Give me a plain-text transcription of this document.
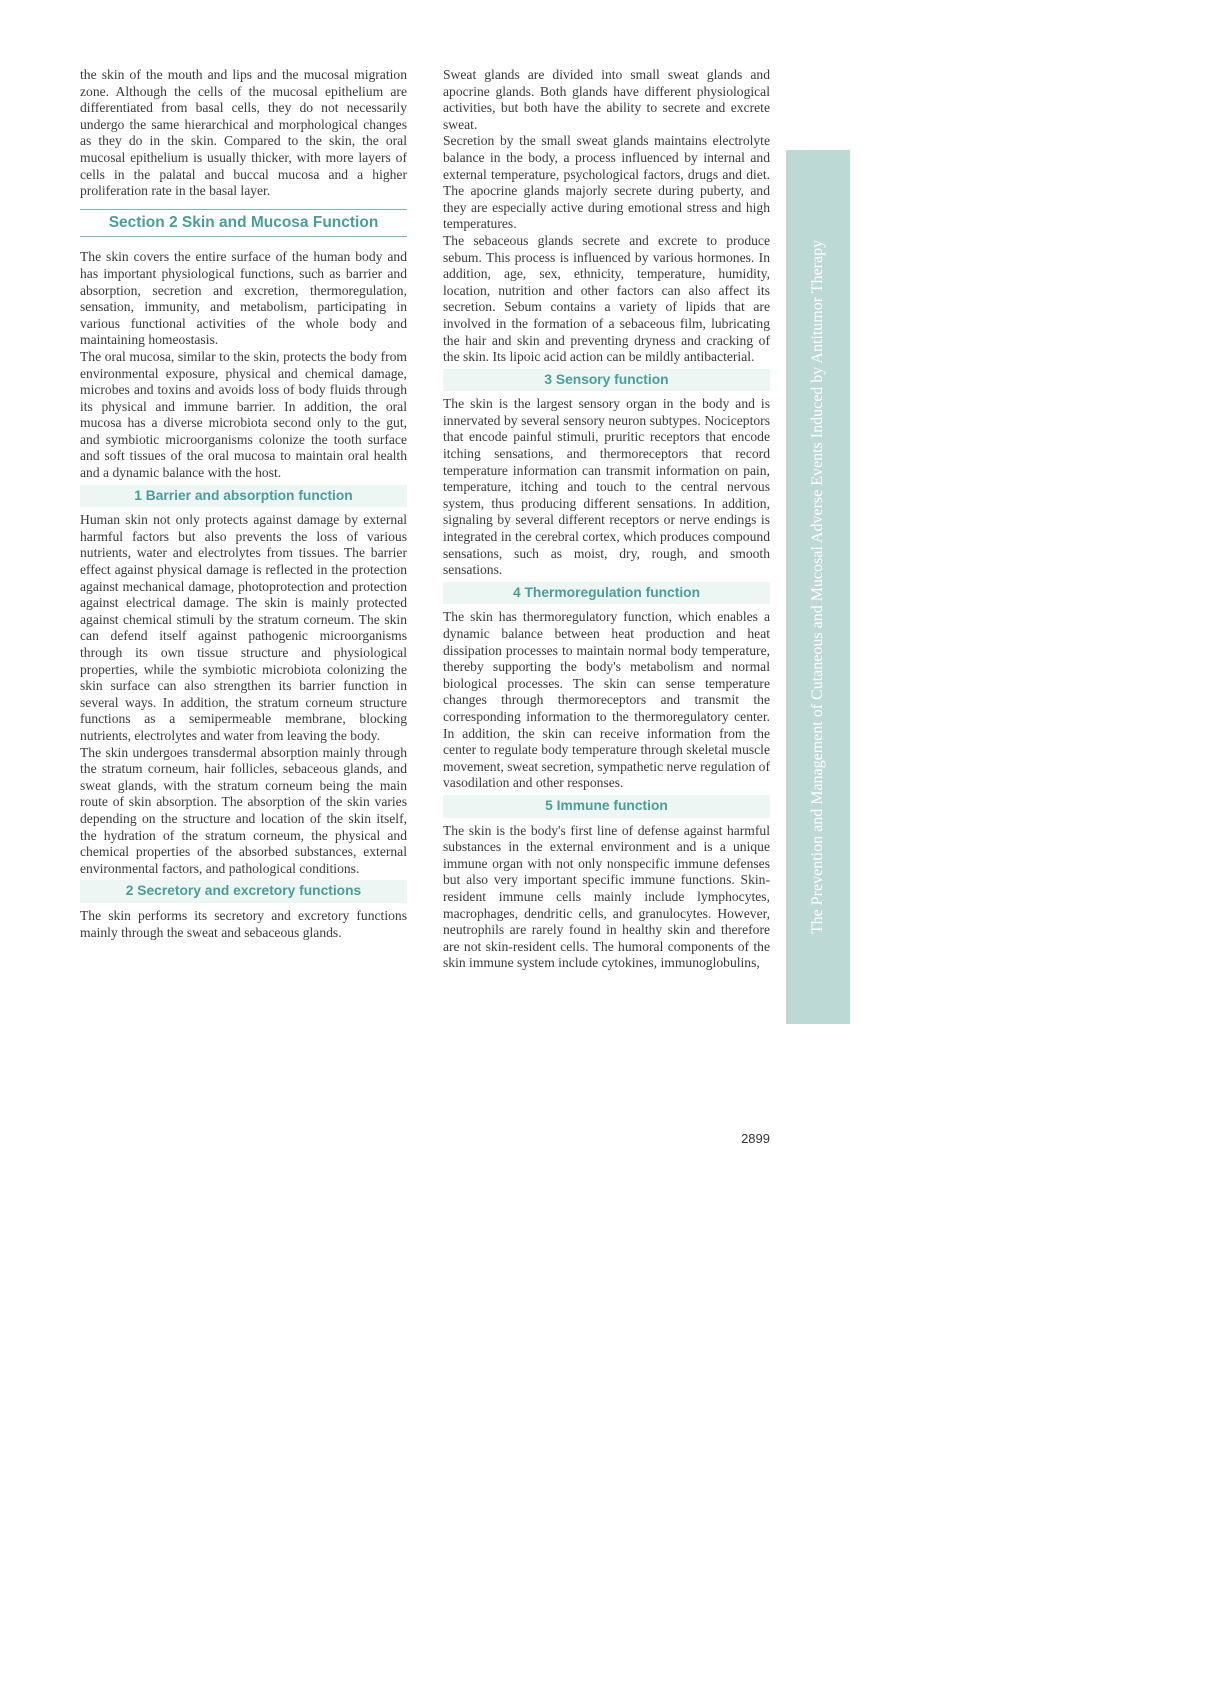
the skin of the mouth and lips and the mucosal migration zone. Although the cells of the mucosal epithelium are differentiated from basal cells, they do not necessarily undergo the same hierarchical and morphological changes as they do in the skin. Compared to the skin, the oral mucosal epithelium is usually thicker, with more layers of cells in the palatal and buccal mucosa and a higher proliferation rate in the basal layer.

Section 2 Skin and Mucosa Function

The skin covers the entire surface of the human body and has important physiological functions, such as barrier and absorption, secretion and excretion, thermoregulation, sensation, immunity, and metabolism, participating in various functional activities of the whole body and maintaining homeostasis.

The oral mucosa, similar to the skin, protects the body from environmental exposure, physical and chemical damage, microbes and toxins and avoids loss of body fluids through its physical and immune barrier. In addition, the oral mucosa has a diverse microbiota second only to the gut, and symbiotic microorganisms colonize the tooth surface and soft tissues of the oral mucosa to maintain oral health and a dynamic balance with the host.

1 Barrier and absorption function

Human skin not only protects against damage by external harmful factors but also prevents the loss of various nutrients, water and electrolytes from tissues. The barrier effect against physical damage is reflected in the protection against mechanical damage, photoprotection and protection against electrical damage. The skin is mainly protected against chemical stimuli by the stratum corneum. The skin can defend itself against pathogenic microorganisms through its own tissue structure and physiological properties, while the symbiotic microbiota colonizing the skin surface can also strengthen its barrier function in several ways. In addition, the stratum corneum structure functions as a semipermeable membrane, blocking nutrients, electrolytes and water from leaving the body.

The skin undergoes transdermal absorption mainly through the stratum corneum, hair follicles, sebaceous glands, and sweat glands, with the stratum corneum being the main route of skin absorption. The absorption of the skin varies depending on the structure and location of the skin itself, the hydration of the stratum corneum, the physical and chemical properties of the absorbed substances, external environmental factors, and pathological conditions.

2 Secretory and excretory functions

The skin performs its secretory and excretory functions mainly through the sweat and sebaceous glands.

Sweat glands are divided into small sweat glands and apocrine glands. Both glands have different physiological activities, but both have the ability to secrete and excrete sweat.

Secretion by the small sweat glands maintains electrolyte balance in the body, a process influenced by internal and external temperature, psychological factors, drugs and diet. The apocrine glands majorly secrete during puberty, and they are especially active during emotional stress and high temperatures.

The sebaceous glands secrete and excrete to produce sebum. This process is influenced by various hormones. In addition, age, sex, ethnicity, temperature, humidity, location, nutrition and other factors can also affect its secretion. Sebum contains a variety of lipids that are involved in the formation of a sebaceous film, lubricating the hair and skin and preventing dryness and cracking of the skin. Its lipoic acid action can be mildly antibacterial.

3 Sensory function

The skin is the largest sensory organ in the body and is innervated by several sensory neuron subtypes. Nociceptors that encode painful stimuli, pruritic receptors that encode itching sensations, and thermoreceptors that record temperature information can transmit information on pain, temperature, itching and touch to the central nervous system, thus producing different sensations. In addition, signaling by several different receptors or nerve endings is integrated in the cerebral cortex, which produces compound sensations, such as moist, dry, rough, and smooth sensations.

4 Thermoregulation function

The skin has thermoregulatory function, which enables a dynamic balance between heat production and heat dissipation processes to maintain normal body temperature, thereby supporting the body's metabolism and normal biological processes. The skin can sense temperature changes through thermoreceptors and transmit the corresponding information to the thermoregulatory center. In addition, the skin can receive information from the center to regulate body temperature through skeletal muscle movement, sweat secretion, sympathetic nerve regulation of vasodilation and other responses.

5 Immune function

The skin is the body's first line of defense against harmful substances in the external environment and is a unique immune organ with not only nonspecific immune defenses but also very important specific immune functions. Skin-resident immune cells mainly include lymphocytes, macrophages, dendritic cells, and granulocytes. However, neutrophils are rarely found in healthy skin and therefore are not skin-resident cells. The humoral components of the skin immune system include cytokines, immunoglobulins,

The Prevention and Management of Cutaneous and Mucosal Adverse Events Induced by Antitumor Therapy
2899
